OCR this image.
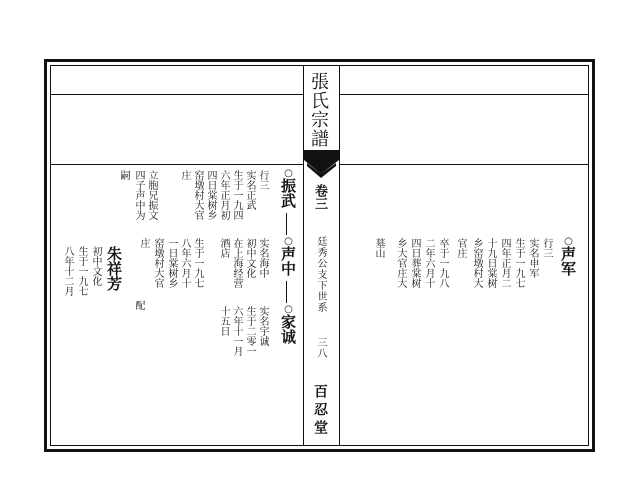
張氏宗譜
卷三
廷秀公支下世系
三八
百忍堂
○
振武
行三
实名正武
生于一九四
六年正月初
四日棠树乡
窑墩村大官
庄
立胞兄振文
四子声中为
嗣
○
声中
实名海中
初中文化
在上海经营
酒店
生于一九七
八年六月十
一日棠树乡
窑墩村大官
庄
配	○
家诚
实名宇诚
生于二零一
六年十一月
十五日
朱祥芳
初中文化
生于一九七
八年十二月
○
声军
行三
实名申军
生于一九七
四年正月二
十九日棠树
乡窑墩村大
官庄
卒于一九八
二年六月十
四日葬棠树
乡大官庄大
墓山
